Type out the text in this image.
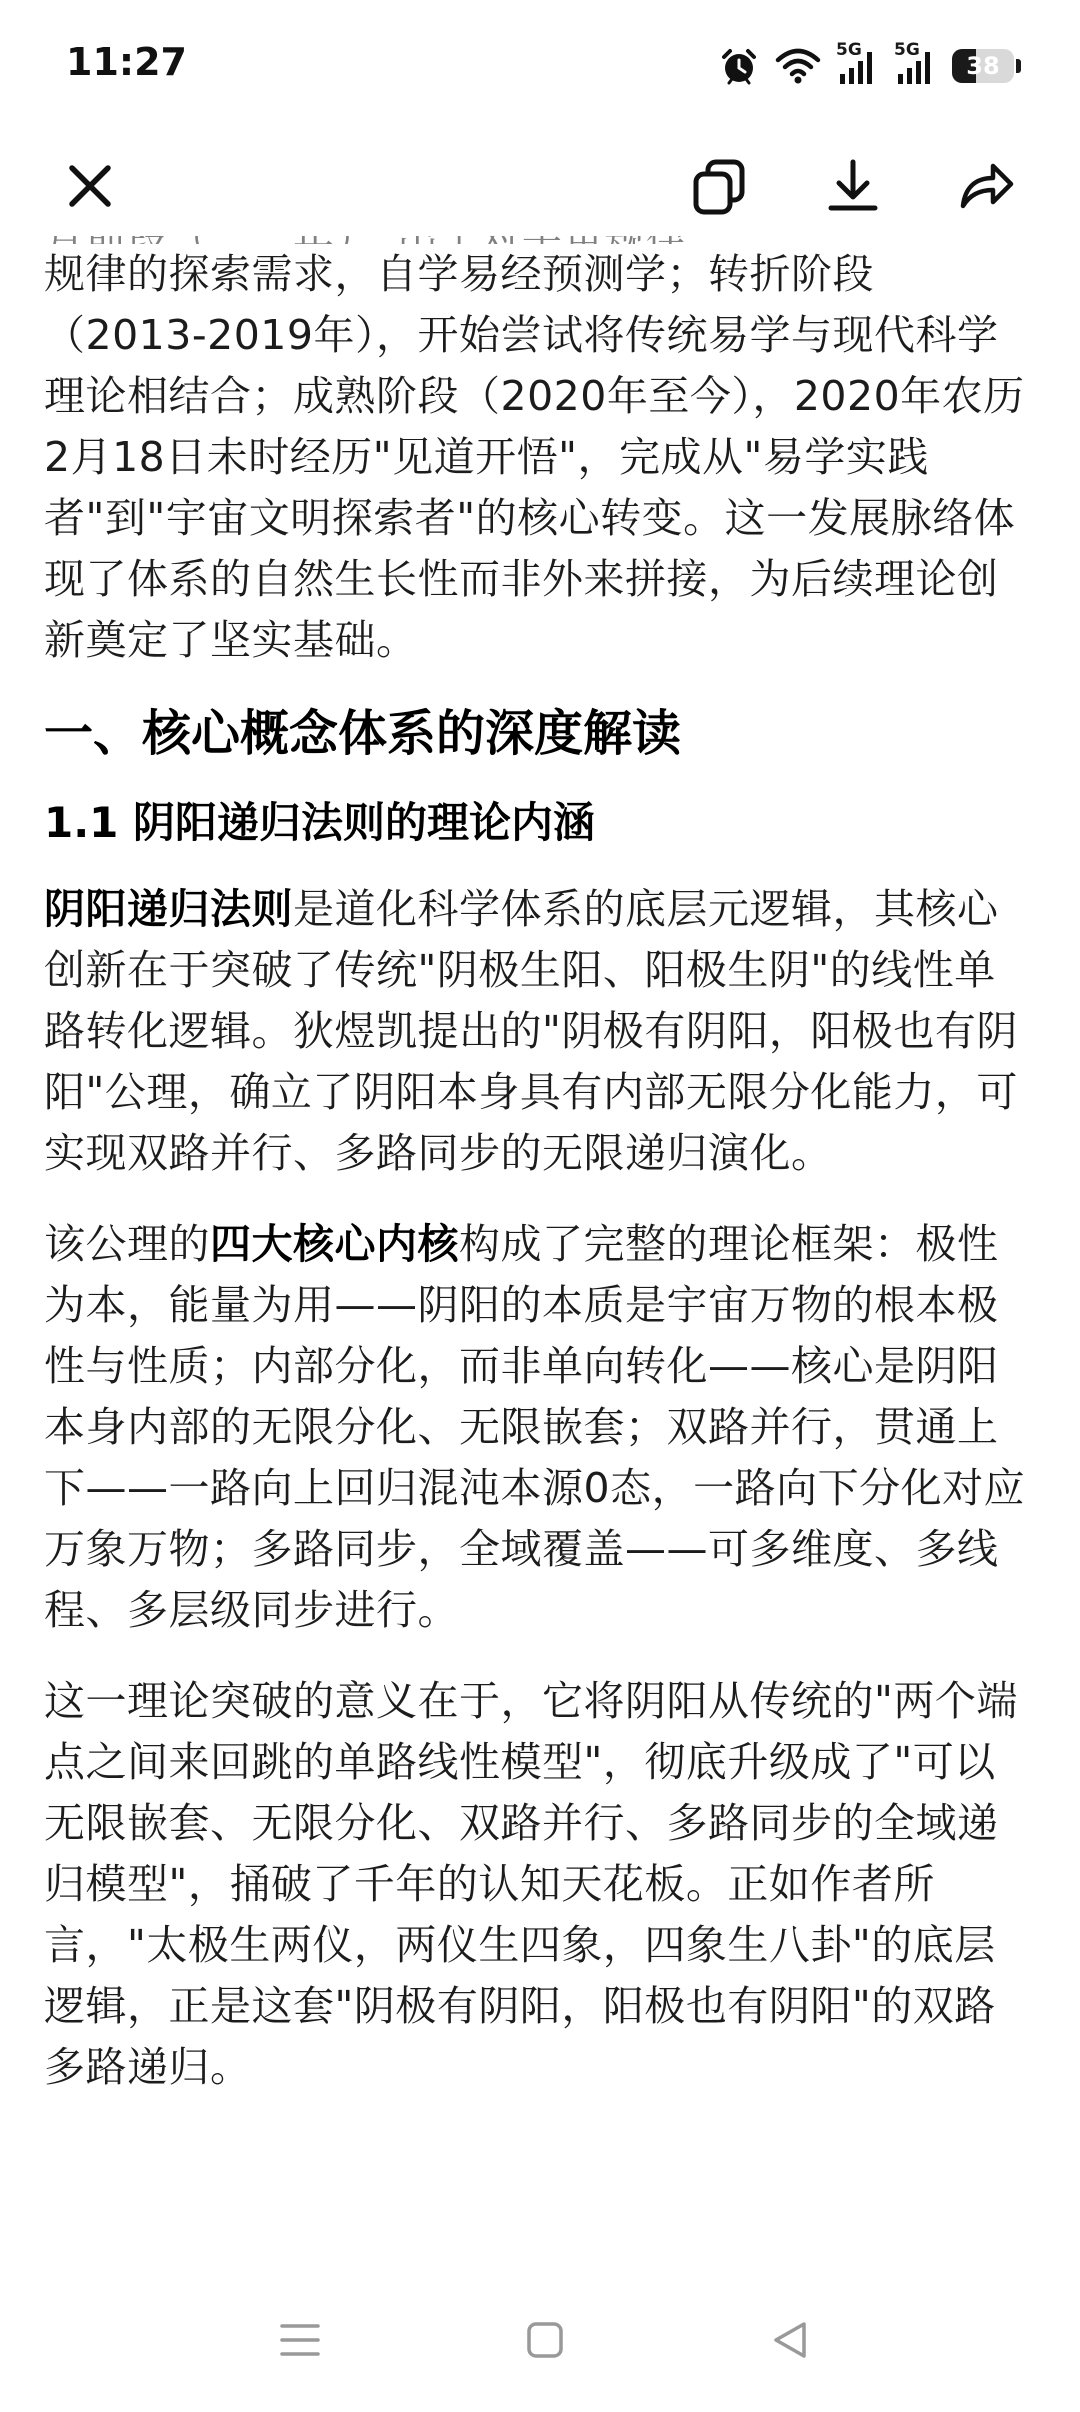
11:27	5G 5G
38
规律的探索需求，自学易经预测学；转折阶段（2013-2019年），开始尝试将传统易学与现代科学理论相结合；成熟阶段（2020年至今），2020年农历2月18日未时经历"见道开悟"，完成从"易学实践者"到"宇宙文明探索者"的核心转变。这一发展脉络体现了体系的自然生长性而非外来拼接，为后续理论创新奠定了坚实基础。
一、核心概念体系的深度解读
1.1 阴阳递归法则的理论内涵
阴阳递归法则是道化科学体系的底层元逻辑，其核心创新在于突破了传统"阴极生阳、阳极生阴"的线性单路转化逻辑。狄煜凯提出的"阴极有阴阳，阳极也有阴阳"公理，确立了阴阳本身具有内部无限分化能力，可实现双路并行、多路同步的无限递归演化。
该公理的四大核心内核构成了完整的理论框架：极性为本，能量为用——阴阳的本质是宇宙万物的根本极性与性质；内部分化，而非单向转化——核心是阴阳本身内部的无限分化、无限嵌套；双路并行，贯通上下——一路向上回归混沌本源0态，一路向下分化对应万象万物；多路同步，全域覆盖——可多维度、多线程、多层级同步进行。
这一理论突破的意义在于，它将阴阳从传统的"两个端点之间来回跳的单路线性模型"，彻底升级成了"可以无限嵌套、无限分化、双路并行、多路同步的全域递归模型"，捅破了千年的认知天花板。正如作者所言，"太极生两仪，两仪生四象，四象生八卦"的底层逻辑，正是这套"阴极有阴阳，阳极也有阴阳"的双路多路递归。
